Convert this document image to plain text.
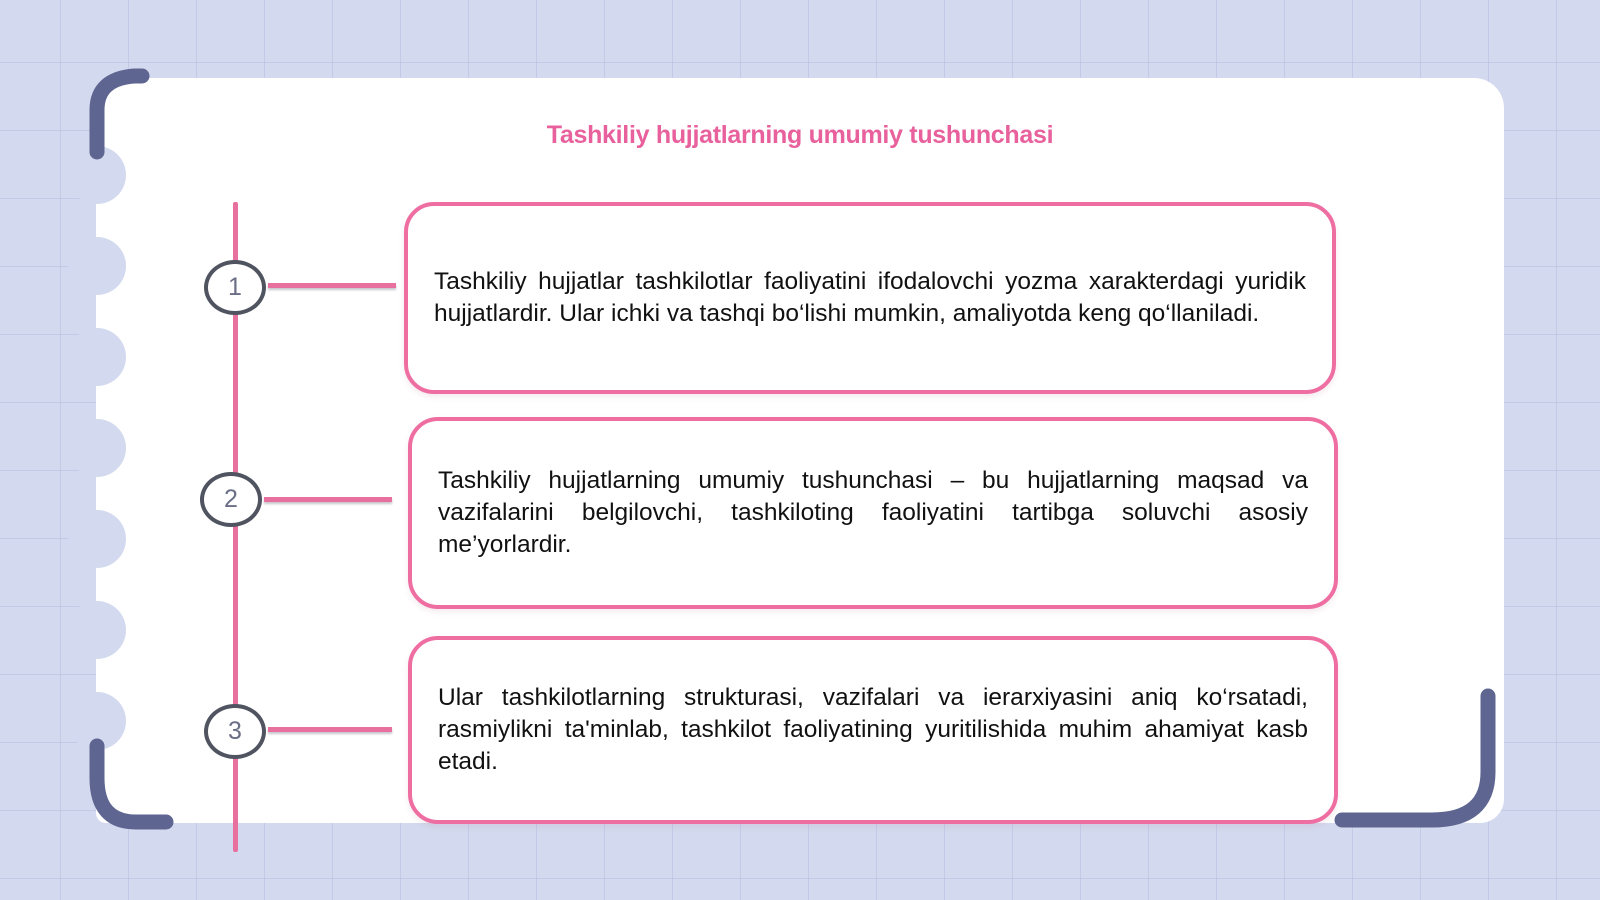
Tashkiliy hujjatlarning umumiy tushunchasi
1	Tashkiliy hujjatlar tashkilotlar faoliyatini ifodalovchi yozma xarakterdagi yuridik hujjatlardir. Ular ichki va tashqi bo‘lishi mumkin, amaliyotda keng qo‘llaniladi.

2

Tashkiliy hujjatlarning umumiy tushunchasi – bu hujjatlarning maqsad va vazifalarini belgilovchi, tashkiloting faoliyatini tartibga soluvchi asosiy me’yorlardir.

3

Ular tashkilotlarning strukturasi, vazifalari va ierarxiyasini aniq ko‘rsatadi, rasmiylikni ta'minlab, tashkilot faoliyatining yuritilishida muhim ahamiyat kasb etadi.
